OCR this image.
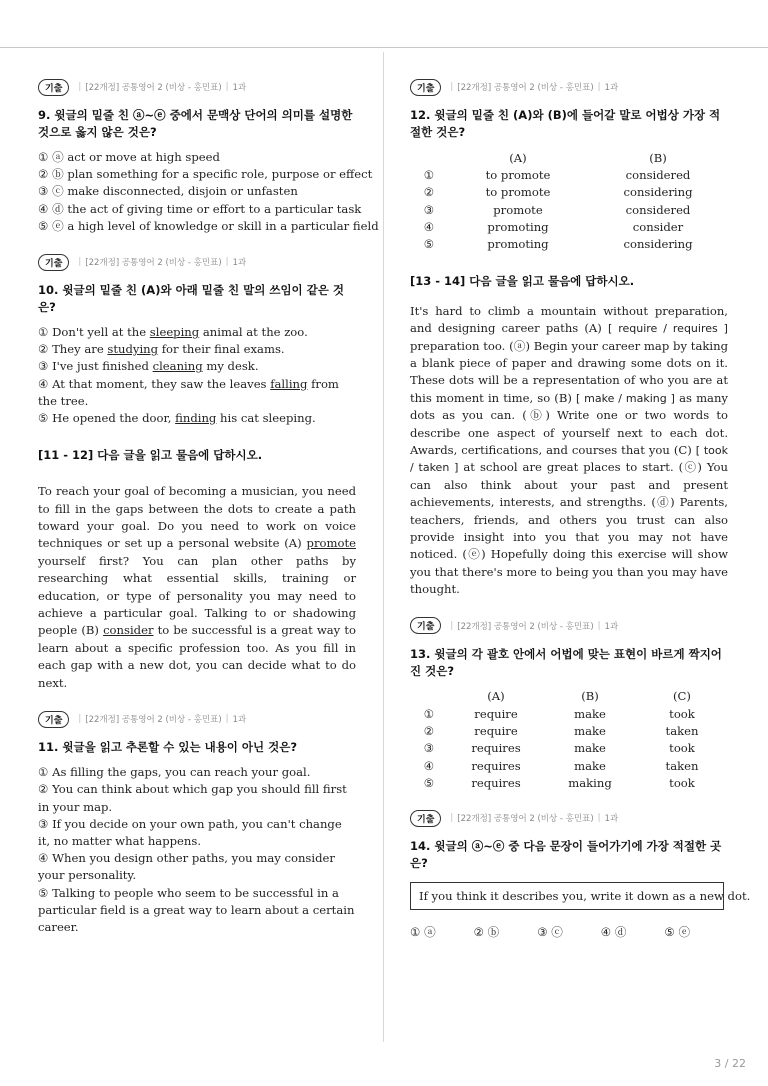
기출	| [22개정] 공통영어 2 (비상 - 홍민표) | 1과
9. 윗글의 밑줄 친 ⓐ~ⓔ 중에서 문맥상 단어의 의미를 설명한 것으로 옳지 않은 것은?
① ⓐ act or move at high speed
② ⓑ plan something for a specific role, purpose or effect
③ ⓒ make disconnected, disjoin or unfasten
④ ⓓ the act of giving time or effort to a particular task
⑤ ⓔ a high level of knowledge or skill in a particular field
기출	| [22개정] 공통영어 2 (비상 - 홍민표) | 1과
10. 윗글의 밑줄 친 (A)와 아래 밑줄 친 말의 쓰임이 같은 것은?
① Don't yell at the sleeping animal at the zoo.
② They are studying for their final exams.
③ I've just finished cleaning my desk.
④ At that moment, they saw the leaves falling from the tree.
⑤ He opened the door, finding his cat sleeping.
[11 - 12] 다음 글을 읽고 물음에 답하시오.
To reach your goal of becoming a musician, you need to fill in the gaps between the dots to create a path toward your goal. Do you need to work on voice techniques or set up a personal website (A) promote yourself first? You can plan other paths by researching what essential skills, training or education, or type of personality you may need to achieve a particular goal. Talking to or shadowing people (B) consider to be successful is a great way to learn about a specific profession too. As you fill in each gap with a new dot, you can decide what to do next.
기출	| [22개정] 공통영어 2 (비상 - 홍민표) | 1과
11. 윗글을 읽고 추론할 수 있는 내용이 아닌 것은?
① As filling the gaps, you can reach your goal.
② You can think about which gap you should fill first in your map.
③ If you decide on your own path, you can't change it, no matter what happens.
④ When you design other paths, you may consider your personality.
⑤ Talking to people who seem to be successful in a particular field is a great way to learn about a certain career.
기출	| [22개정] 공통영어 2 (비상 - 홍민표) | 1과
12. 윗글의 밑줄 친 (A)와 (B)에 들어갈 말로 어법상 가장 적절한 것은?
	(A)	(B)
①	to promote	considered
②	to promote	considering
③	promote	considered
④	promoting	consider
⑤	promoting	considering
[13 - 14] 다음 글을 읽고 물음에 답하시오.
It's hard to climb a mountain without preparation, and designing career paths (A) [ require / requires ] preparation too. (ⓐ) Begin your career map by taking a blank piece of paper and drawing some dots on it. These dots will be a representation of who you are at this moment in time, so (B) [ make / making ] as many dots as you can. (ⓑ) Write one or two words to describe one aspect of yourself next to each dot. Awards, certifications, and courses that you (C) [ took / taken ] at school are great places to start. (ⓒ) You can also think about your past and present achievements, interests, and strengths. (ⓓ) Parents, teachers, friends, and others you trust can also provide insight into you that you may not have noticed. (ⓔ) Hopefully doing this exercise will show you that there's more to being you than you may have thought.
기출	| [22개정] 공통영어 2 (비상 - 홍민표) | 1과
13. 윗글의 각 괄호 안에서 어법에 맞는 표현이 바르게 짝지어진 것은?
	(A)	(B)	(C)
①	require	make	took
②	require	make	taken
③	requires	make	took
④	requires	make	taken
⑤	requires	making	took
기출	| [22개정] 공통영어 2 (비상 - 홍민표) | 1과
14. 윗글의 ⓐ~ⓔ 중 다음 문장이 들어가기에 가장 적절한 곳은?
If you think it describes you, write it down as a new dot.
① ⓐ	② ⓑ	③ ⓒ	④ ⓓ	⑤ ⓔ
3 / 22
